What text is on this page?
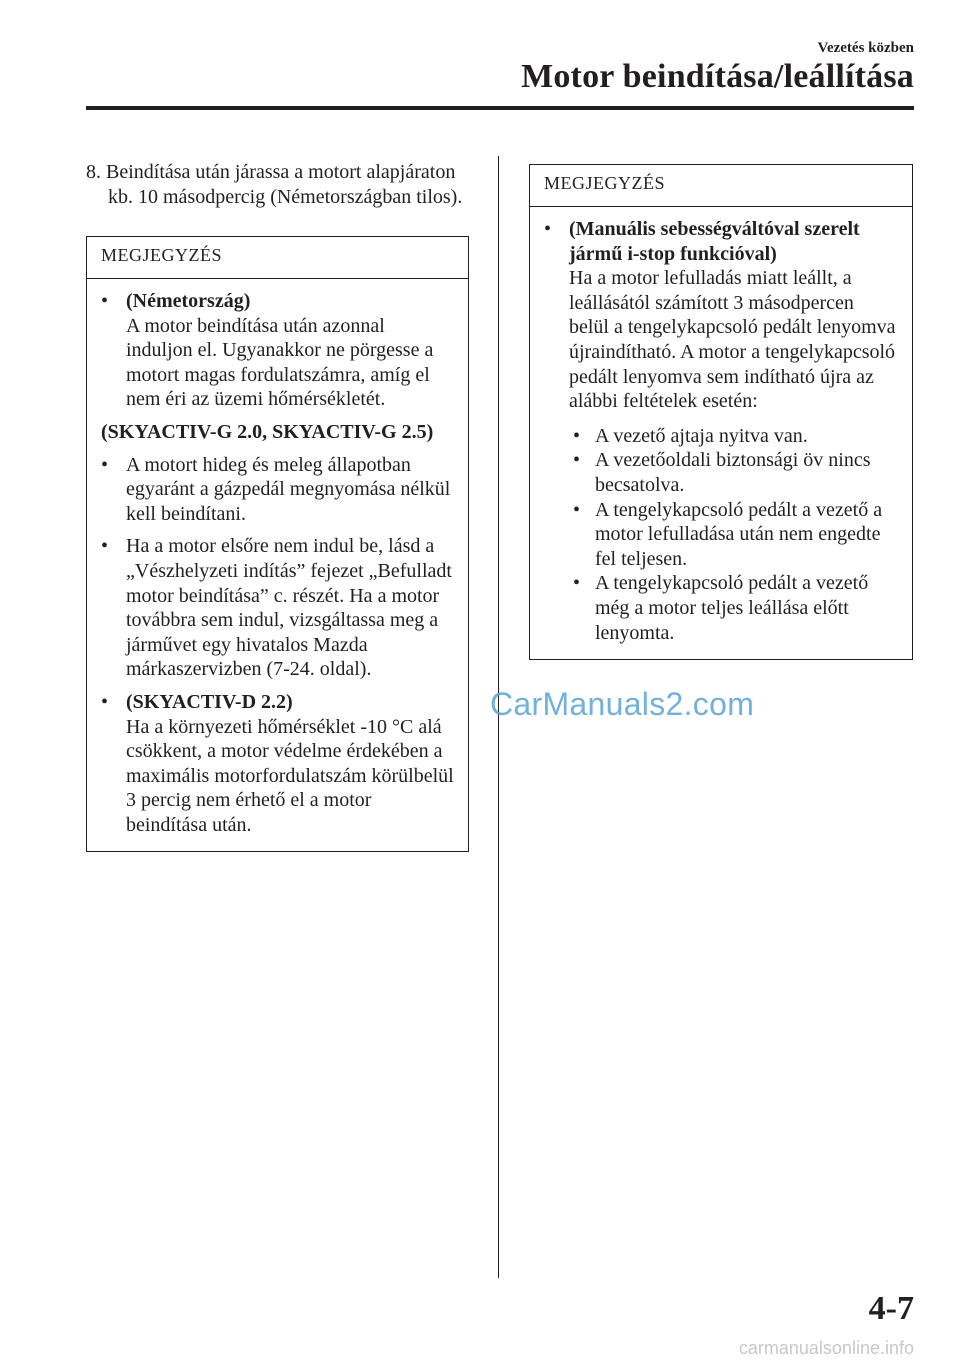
Vezetés közben
Motor beindítása/leállítása

8. Beindítása után járassa a motort alapjáraton kb. 10 másodpercig (Németországban tilos).

MEGJEGYZÉS
• (Németország)
A motor beindítása után azonnal induljon el. Ugyanakkor ne pörgesse a motort magas fordulatszámra, amíg el nem éri az üzemi hőmérsékletét.
(SKYACTIV-G 2.0, SKYACTIV-G 2.5)
• A motort hideg és meleg állapotban egyaránt a gázpedál megnyomása nélkül kell beindítani.
• Ha a motor elsőre nem indul be, lásd a „Vészhelyzeti indítás” fejezet „Befulladt motor beindítása” c. részét. Ha a motor továbbra sem indul, vizsgáltassa meg a járművet egy hivatalos Mazda márkaszervizben (7-24. oldal).
• (SKYACTIV-D 2.2)
Ha a környezeti hőmérséklet -10 °C alá csökkent, a motor védelme érdekében a maximális motorfordulatszám körülbelül 3 percig nem érhető el a motor beindítása után.
MEGJEGYZÉS
• (Manuális sebességváltóval szerelt jármű i-stop funkcióval)
Ha a motor lefulladás miatt leállt, a leállásától számított 3 másodpercen belül a tengelykapcsoló pedált lenyomva újraindítható. A motor a tengelykapcsoló pedált lenyomva sem indítható újra az alábbi feltételek esetén:
• A vezető ajtaja nyitva van.
• A vezetőoldali biztonsági öv nincs becsatolva.
• A tengelykapcsoló pedált a vezető a motor lefulladása után nem engedte fel teljesen.
• A tengelykapcsoló pedált a vezető még a motor teljes leállása előtt lenyomta.
CarManuals2.com
4-7
carmanualsonline.info
